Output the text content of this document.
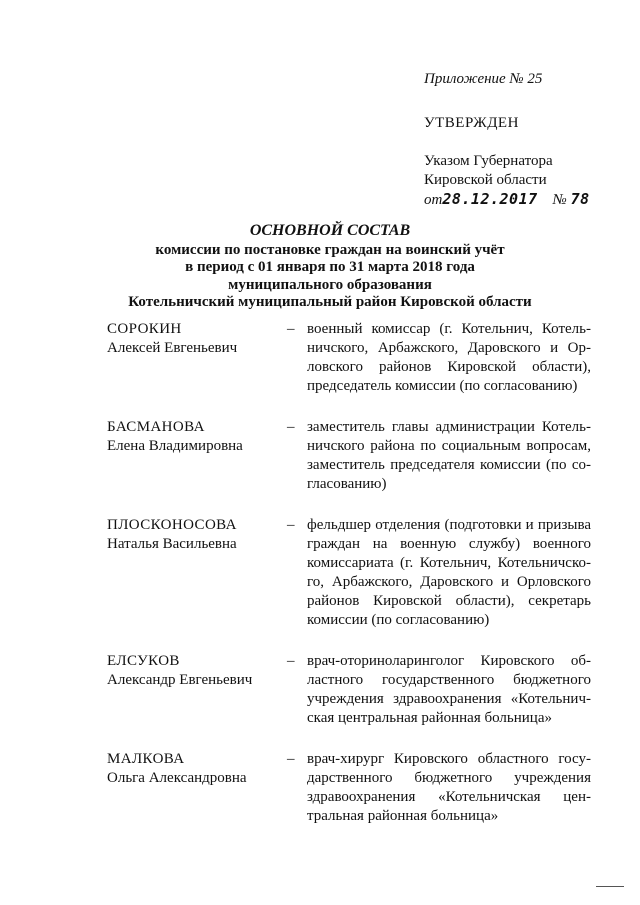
Приложение № 25

УТВЕРЖДЕН

Указом Губернатора

Кировской области

от28.12.2017 № 78

ОСНОВНОЙ СОСТАВ
комиссии по постановке граждан на воинский учёт
в период с 01 января по 31 марта 2018 года
муниципального образования
Котельничский муниципальный район Кировской области
СОРОКИН
Алексей Евгеньевич
– военный комиссар (г. Котельнич, Котельничского, Арбажского, Даровского и Орловского районов Кировской области), председатель комиссии (по согласованию)
БАСМАНОВА
Елена Владимировна
– заместитель главы администрации Котельничского района по социальным вопросам, заместитель председателя комиссии (по согласованию)
ПЛОСКОНОСОВА
Наталья Васильевна
– фельдшер отделения (подготовки и призыва граждан на военную службу) военного комиссариата (г. Котельнич, Котельничского, Арбажского, Даровского и Орловского районов Кировской области), секретарь комиссии (по согласованию)
ЕЛСУКОВ
Александр Евгеньевич
– врач-оториноларинголог Кировского областного государственного бюджетного учреждения здравоохранения «Котельничская центральная районная больница»
МАЛКОВА
Ольга Александровна
– врач-хирург Кировского областного государственного бюджетного учреждения здравоохранения «Котельничская центральная районная больница»
